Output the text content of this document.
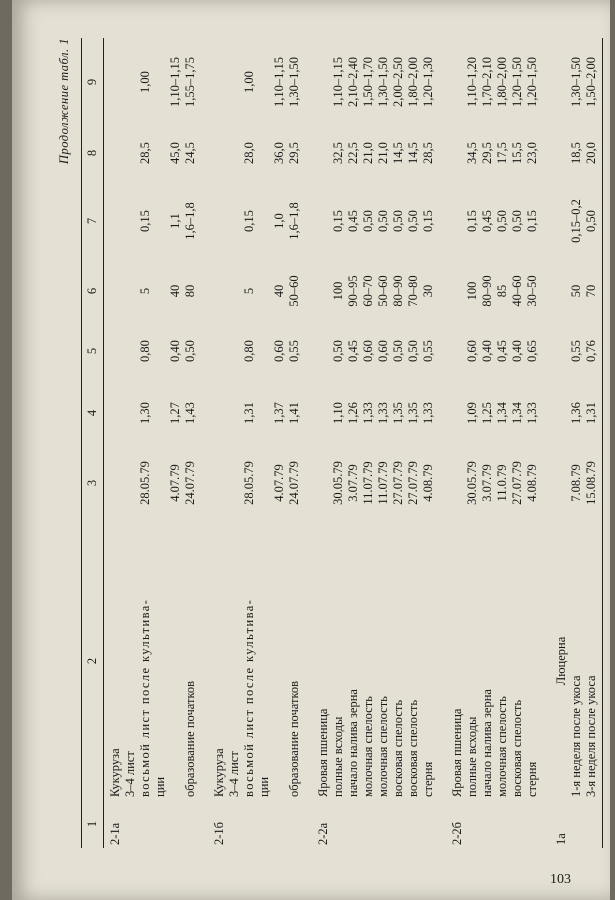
Продолжение табл. 1
1	2	3	4	5	6	7	8	9
2-1а	Кукуруза							
	3–4 лист							
	восьмой лист после культива-	28.05.79	1,30	0,80	5	0,15	28,5	1,00
	ции							
		4.07.79	1,27	0,40	40	1,1	45,0	1,10–1,15
	образование початков	24.07.79	1,43	0,50	80	1,6–1,8	24,5	1,55–1,75

2-1б	Кукуруза							
	3–4 лист							
	восьмой лист после культива-	28.05.79	1,31	0,80	5	0,15	28,0	1,00
	ции							
		4.07.79	1,37	0,60	40	1,0	36,0	1,10–1,15
	образование початков	24.07.79	1,41	0,55	50–60	1,6–1,8	29,5	1,30–1,50

2-2а	Яровая пшеница							
	полные всходы	30.05.79	1,10	0,50	100	0,15	32,5	1,10–1,15
	начало налива зерна	3.07.79	1,26	0,45	90–95	0,45	22,5	2,10–2,40
	молочная спелость	11.07.79	1,33	0,60	60–70	0,50	21,0	1,50–1,70
	молочная спелость	11.07.79	1,33	0,60	50–60	0,50	21,0	1,30–1,50
	восковая спелость	27.07.79	1,35	0,50	80–90	0,50	14,5	2,00–2,50
	восковая спелость	27.07.79	1,35	0,50	70–80	0,50	14,5	1,80–2,00
	стерня	4.08.79	1,33	0,55	30	0,15	28,5	1,20–1,30

2-2б	Яровая пшеница							
	полные всходы	30.05.79	1,09	0,60	100	0,15	34,5	1,10–1,20
	начало налива зерна	3.07.79	1,25	0,40	80–90	0,45	29,5	1,70–2,10
	молочная спелость	11.0.79	1,34	0,45	85	0,50	17,5	1,80–2,00
	восковая спелость	27.07.79	1,34	0,40	40–60	0,50	15,5	1,20–1,50
	стерня	4.08.79	1,33	0,65	30–50	0,15	23,0	1,20–1,50

1а	Люцерна							
	1-я неделя после укоса	7.08.79	1,36	0,55	50	0,15–0,2	18,5	1,30–1,50
	3-я неделя после укоса	15.08.79	1,31	0,76	70	0,50	20,0	1,50–2,00
103
